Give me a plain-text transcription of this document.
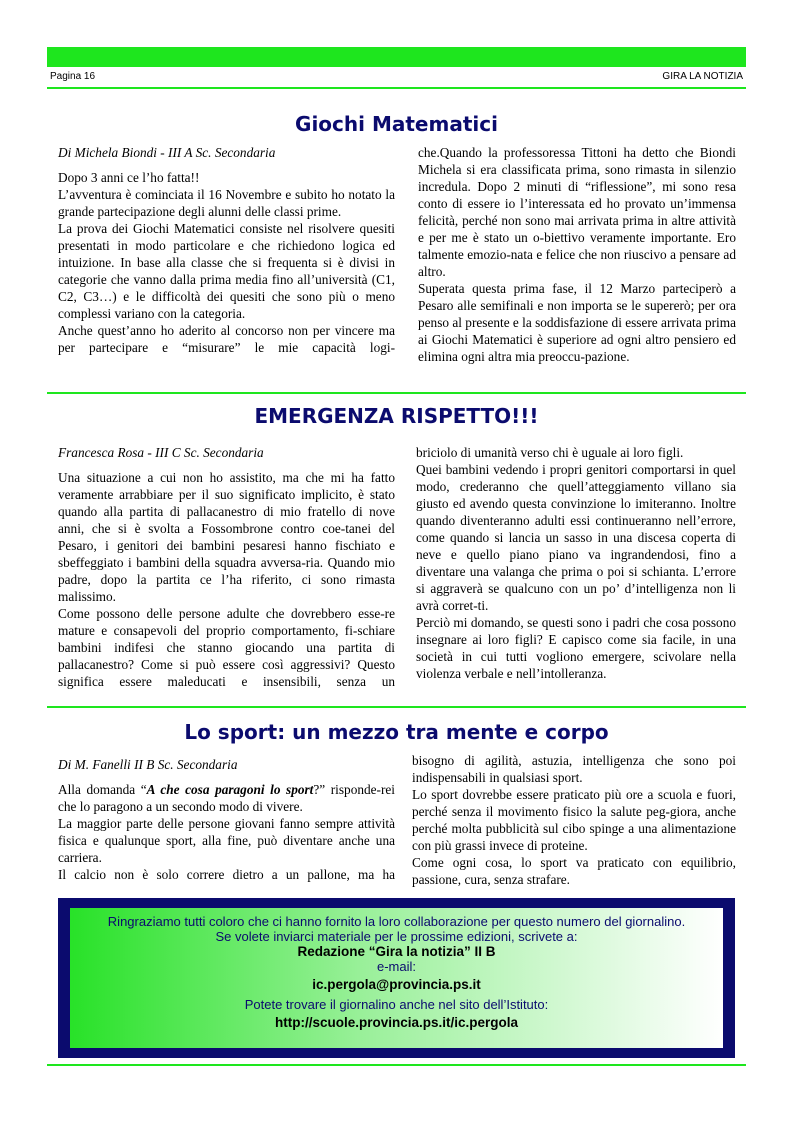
Pagina 16	GIRA LA NOTIZIA
Giochi Matematici

Di Michela Biondi - III A Sc. Secondaria

Dopo 3 anni ce l’ho fatta!!

L’avventura è cominciata il 16 Novembre e subito ho notato la grande partecipazione degli alunni delle classi prime.

La prova dei Giochi Matematici consiste nel risolvere quesiti presentati in modo particolare e che richiedono logica ed intuizione. In base alla classe che si frequenta si è divisi in categorie che vanno dalla prima media fino all’università (C1, C2, C3…) e le difficoltà dei quesiti che sono più o meno complessi variano con la categoria.

Anche quest’anno ho aderito al concorso non per vincere ma per partecipare e “misurare” le mie capacità logi-

che.Quando la professoressa Tittoni ha detto che Biondi Michela si era classificata prima, sono rimasta in silenzio incredula. Dopo 2 minuti di “riflessione”, mi sono resa conto di essere io l’interessata ed ho provato un’immensa felicità, perché non sono mai arrivata prima in altre attività e per me è stato un o-biettivo veramente importante. Ero talmente emozio-nata e felice che non riuscivo a pensare ad altro.

Superata questa prima fase, il 12 Marzo parteciperò a Pesaro alle semifinali e non importa se le supererò; per ora penso al presente e la soddisfazione di essere arrivata prima ai Giochi Matematici è superiore ad ogni altro pensiero ed elimina ogni altra mia preoccu-pazione.

EMERGENZA RISPETTO!!!

Francesca Rosa - III C Sc. Secondaria

Una situazione a cui non ho assistito, ma che mi ha fatto veramente arrabbiare per il suo significato implicito, è stato quando alla partita di pallacanestro di mio fratello di nove anni, che si è svolta a Fossombrone contro coe-tanei del Pesaro, i genitori dei bambini pesaresi hanno fischiato e sbeffeggiato i bambini della squadra avversa-ria. Quando mio padre, dopo la partita ce l’ha riferito, ci sono rimasta malissimo.

Come possono delle persone adulte che dovrebbero esse-re mature e consapevoli del proprio comportamento, fi-schiare bambini indifesi che stanno giocando una partita di pallacanestro? Come si può essere così aggressivi? Questo significa essere maleducati e insensibili, senza un

briciolo di umanità verso chi è uguale ai loro figli.

Quei bambini vedendo i propri genitori comportarsi in quel modo, crederanno che quell’atteggiamento villano sia giusto ed avendo questa convinzione lo imiteranno. Inoltre quando diventeranno adulti essi continueranno nell’errore, come quando si lancia un sasso in una discesa coperta di neve e quello piano piano va ingrandendosi, fino a diventare una valanga che prima o poi si schianta. L’errore si aggraverà se qualcuno con un po’ d’intelligenza non li avrà corret-ti.

Perciò mi domando, se questi sono i padri che cosa possono insegnare ai loro figli? E capisco come sia facile, in una società in cui tutti vogliono emergere, scivolare nella violenza verbale e nell’intolleranza.

Lo sport: un mezzo tra mente e corpo

Di M. Fanelli II B Sc. Secondaria

Alla domanda “A che cosa paragoni lo sport?” risponde-rei che lo paragono a un secondo modo di vivere.

La maggior parte delle persone giovani fanno sempre attività fisica e qualunque sport, alla fine, può diventare anche una carriera.

Il calcio non è solo correre dietro a un pallone, ma ha

bisogno di agilità, astuzia, intelligenza che sono poi indispensabili in qualsiasi sport.

Lo sport dovrebbe essere praticato più ore a scuola e fuori, perché senza il movimento fisico la salute peg-giora, anche perché molta pubblicità sul cibo spinge a una alimentazione con più grassi invece di proteine.

Come ogni cosa, lo sport va praticato con equilibrio, passione, cura, senza strafare.

Ringraziamo tutti coloro che ci hanno fornito la loro collaborazione per questo numero del giornalino.
Se volete inviarci materiale per le prossime edizioni, scrivete a:
Redazione “Gira la notizia” II B
e-mail:
ic.pergola@provincia.ps.it
Potete trovare il giornalino anche nel sito dell’Istituto:
http://scuole.provincia.ps.it/ic.pergola
